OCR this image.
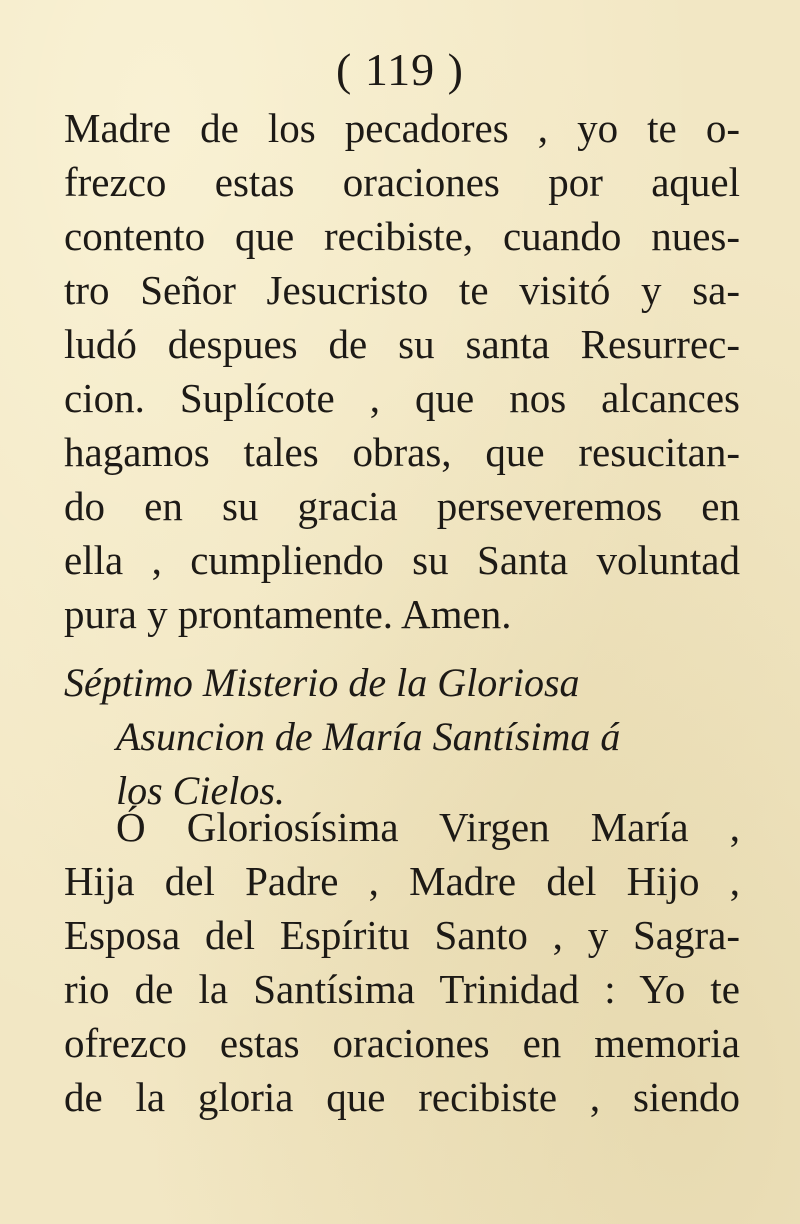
( 119 )
Madre de los pecadores , yo te o-
frezco estas oraciones por aquel
contento que recibiste, cuando nues-
tro Señor Jesucristo te visitó y sa-
ludó despues de su santa Resurrec-
cion. Suplícote , que nos alcances
hagamos tales obras, que resucitan-
do en su gracia perseveremos en
ella , cumpliendo su Santa voluntad
pura y prontamente. Amen.
Séptimo Misterio de la Gloriosa
Asuncion de María Santísima á
los Cielos.
Ó Gloriosísima Virgen María ,
Hija del Padre , Madre del Hijo ,
Esposa del Espíritu Santo , y Sagra-
rio de la Santísima Trinidad : Yo te
ofrezco estas oraciones en memoria
de la gloria que recibiste , siendo
